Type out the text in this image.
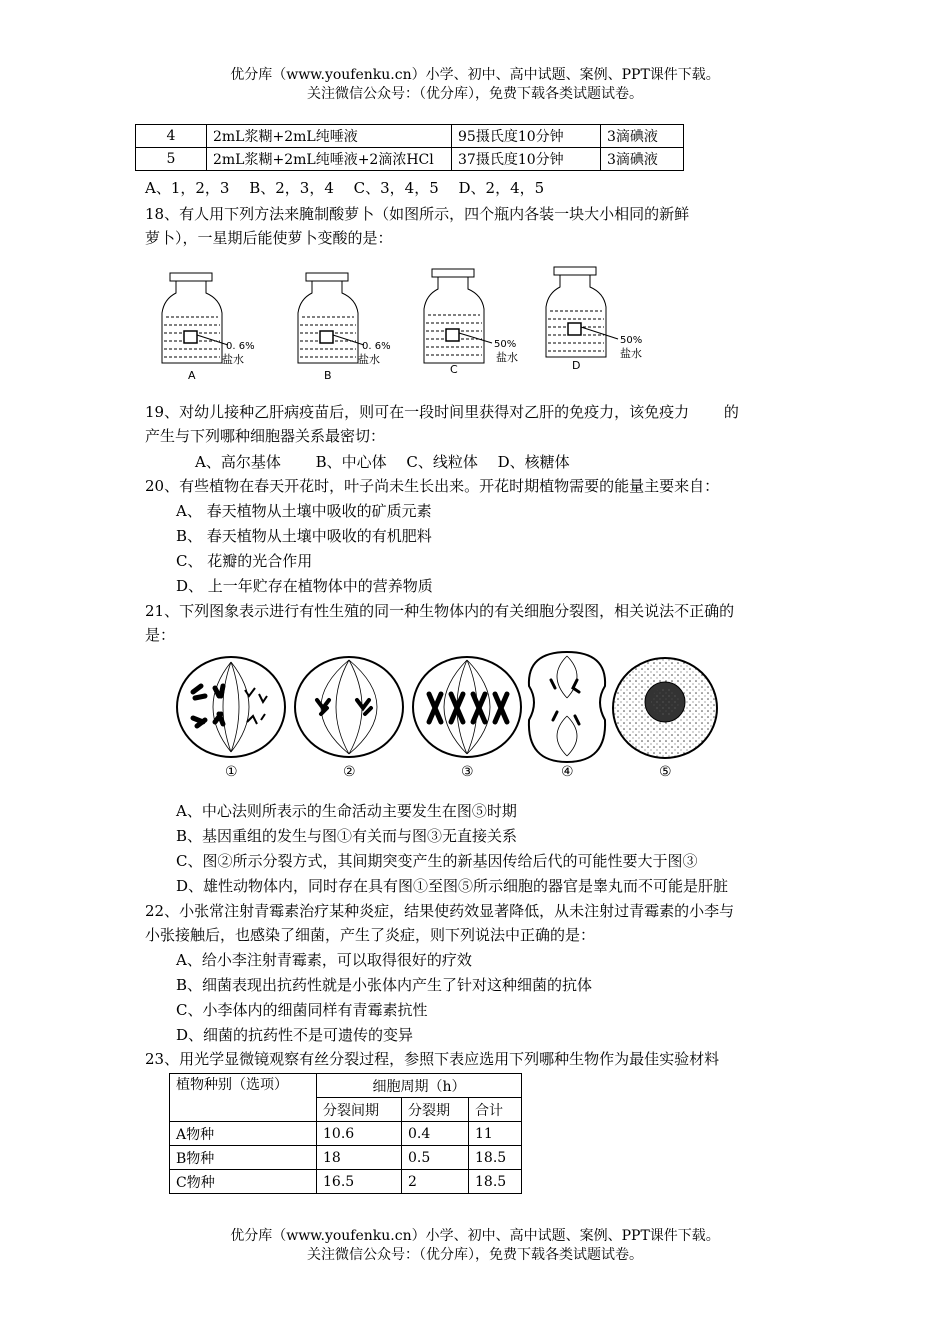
优分库（www.youfenku.cn）小学、初中、高中试题、案例、PPT课件下载。
关注微信公众号：（优分库），免费下载各类试题试卷。
4	2mL浆糊+2mL纯唾液	95摄氏度10分钟	3滴碘液
5	2mL浆糊+2mL纯唾液+2滴浓HCl	37摄氏度10分钟	3滴碘液
A、1，2，3　 B、2，3，4　 C、3，4，5　 D、2，4，5
18、有人用下列方法来腌制酸萝卜（如图所示，四个瓶内各装一块大小相同的新鲜
萝卜），一星期后能使萝卜变酸的是：
0. 6%
盐水
A
0. 6%
盐水
B
50%
盐水
C
50%
盐水
D
19、对幼儿接种乙肝病疫苗后，则可在一段时间里获得对乙肝的免疫力，该免疫力　　 的
产生与下列哪种细胞器关系最密切：
A、高尔基体　　 B、中心体　 C、线粒体　 D、核糖体
20、有些植物在春天开花时，叶子尚未生长出来。开花时期植物需要的能量主要来自：
A、 春天植物从土壤中吸收的矿质元素
B、 春天植物从土壤中吸收的有机肥料
C、 花瓣的光合作用
D、 上一年贮存在植物体中的营养物质
21、下列图象表示进行有性生殖的同一种生物体内的有关细胞分裂图，相关说法不正确的
是：
①	②	③	④	⑤
A、中心法则所表示的生命活动主要发生在图⑤时期
B、基因重组的发生与图①有关而与图③无直接关系
C、图②所示分裂方式，其间期突变产生的新基因传给后代的可能性要大于图③
D、雄性动物体内，同时存在具有图①至图⑤所示细胞的器官是睾丸而不可能是肝脏
22、小张常注射青霉素治疗某种炎症，结果使药效显著降低，从未注射过青霉素的小李与
小张接触后，也感染了细菌，产生了炎症，则下列说法中正确的是：
A、给小李注射青霉素，可以取得很好的疗效
B、细菌表现出抗药性就是小张体内产生了针对这种细菌的抗体
C、小李体内的细菌同样有青霉素抗性
D、细菌的抗药性不是可遗传的变异
23、用光学显微镜观察有丝分裂过程，参照下表应选用下列哪种生物作为最佳实验材料
植物种别（选项）	细胞周期（h）		
	分裂间期	分裂期	合计
A物种	10.6	0.4	11
B物种	18	0.5	18.5
C物种	16.5	2	18.5
优分库（www.youfenku.cn）小学、初中、高中试题、案例、PPT课件下载。
关注微信公众号：（优分库），免费下载各类试题试卷。
